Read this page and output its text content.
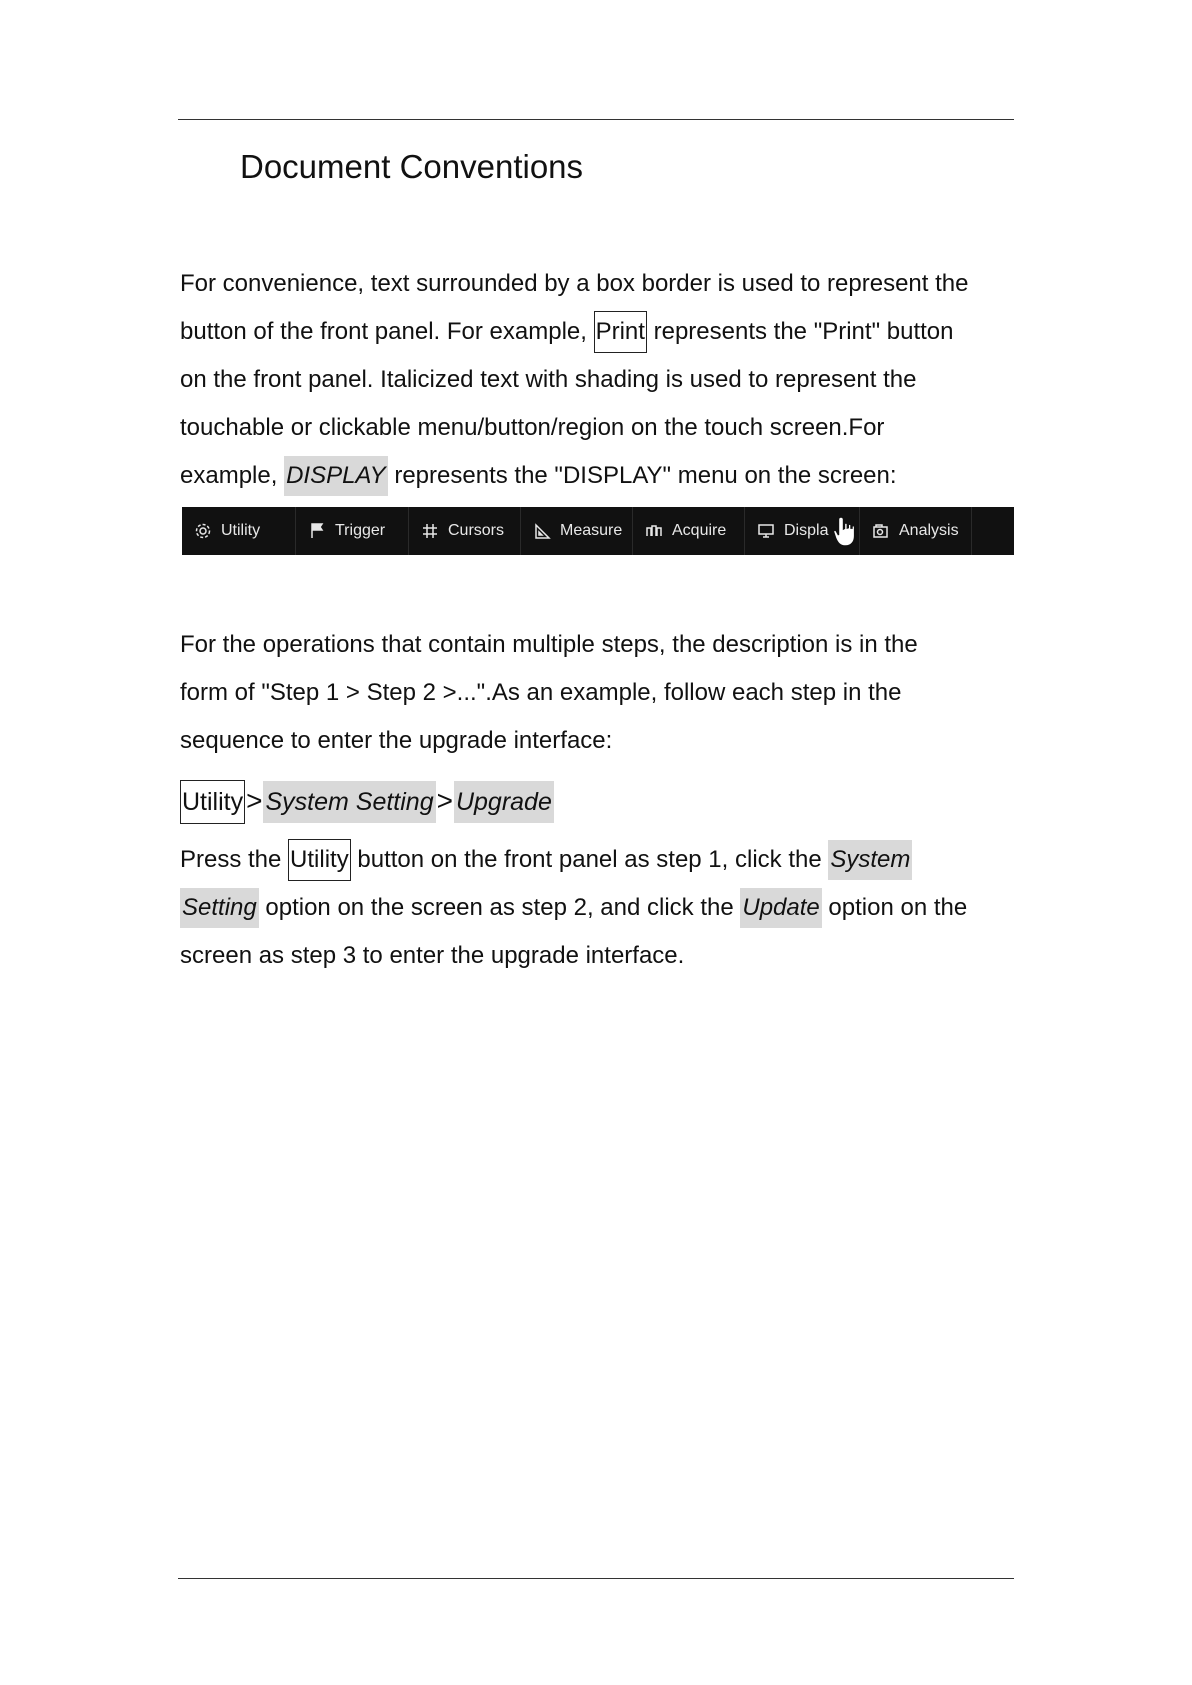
Document Conventions
For convenience, text surrounded by a box border is used to represent the
button of the front panel. For example, Print represents the "Print" button
on the front panel. Italicized text with shading is used to represent the
touchable or clickable menu/button/region on the touch screen.For
example, DISPLAY represents the "DISPLAY" menu on the screen:
Utility	Trigger	Cursors	Measure	Acquire	Displa	Analysis
For the operations that contain multiple steps, the description is in the
form of "Step 1 > Step 2 >...".As an example, follow each step in the
sequence to enter the upgrade interface:
Utility > System Setting > Upgrade
Press the Utility button on the front panel as step 1, click the System
Setting option on the screen as step 2, and click the Update option on the
screen as step 3 to enter the upgrade interface.
